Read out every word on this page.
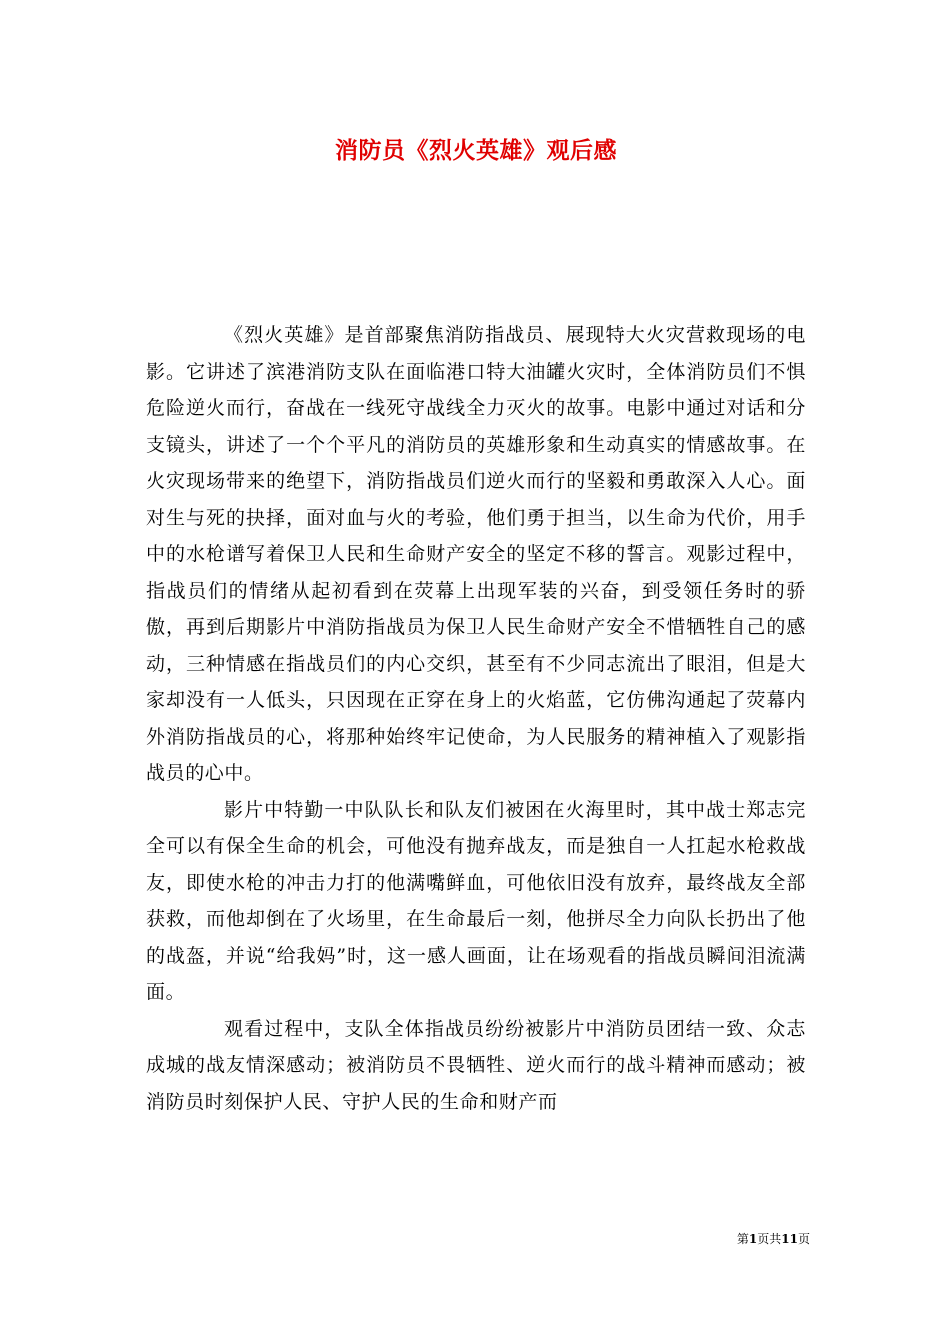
消防员《烈火英雄》观后感

《烈火英雄》是首部聚焦消防指战员、展现特大火灾营救现场的电影。它讲述了滨港消防支队在面临港口特大油罐火灾时，全体消防员们不惧危险逆火而行，奋战在一线死守战线全力灭火的故事。电影中通过对话和分支镜头，讲述了一个个平凡的消防员的英雄形象和生动真实的情感故事。在火灾现场带来的绝望下，消防指战员们逆火而行的坚毅和勇敢深入人心。面对生与死的抉择，面对血与火的考验，他们勇于担当，以生命为代价，用手中的水枪谱写着保卫人民和生命财产安全的坚定不移的誓言。观影过程中，指战员们的情绪从起初看到在荧幕上出现军装的兴奋，到受领任务时的骄傲，再到后期影片中消防指战员为保卫人民生命财产安全不惜牺牲自己的感动，三种情感在指战员们的内心交织，甚至有不少同志流出了眼泪，但是大家却没有一人低头，只因现在正穿在身上的火焰蓝，它仿佛沟通起了荧幕内外消防指战员的心，将那种始终牢记使命，为人民服务的精神植入了观影指战员的心中。

影片中特勤一中队队长和队友们被困在火海里时，其中战士郑志完全可以有保全生命的机会，可他没有抛弃战友，而是独自一人扛起水枪救战友，即使水枪的冲击力打的他满嘴鲜血，可他依旧没有放弃，最终战友全部获救，而他却倒在了火场里，在生命最后一刻，他拼尽全力向队长扔出了他的战盔，并说“给我妈”时，这一感人画面，让在场观看的指战员瞬间泪流满面。

观看过程中，支队全体指战员纷纷被影片中消防员团结一致、众志成城的战友情深感动；被消防员不畏牺牲、逆火而行的战斗精神而感动；被消防员时刻保护人民、守护人民的生命和财产而

第1页共11页
